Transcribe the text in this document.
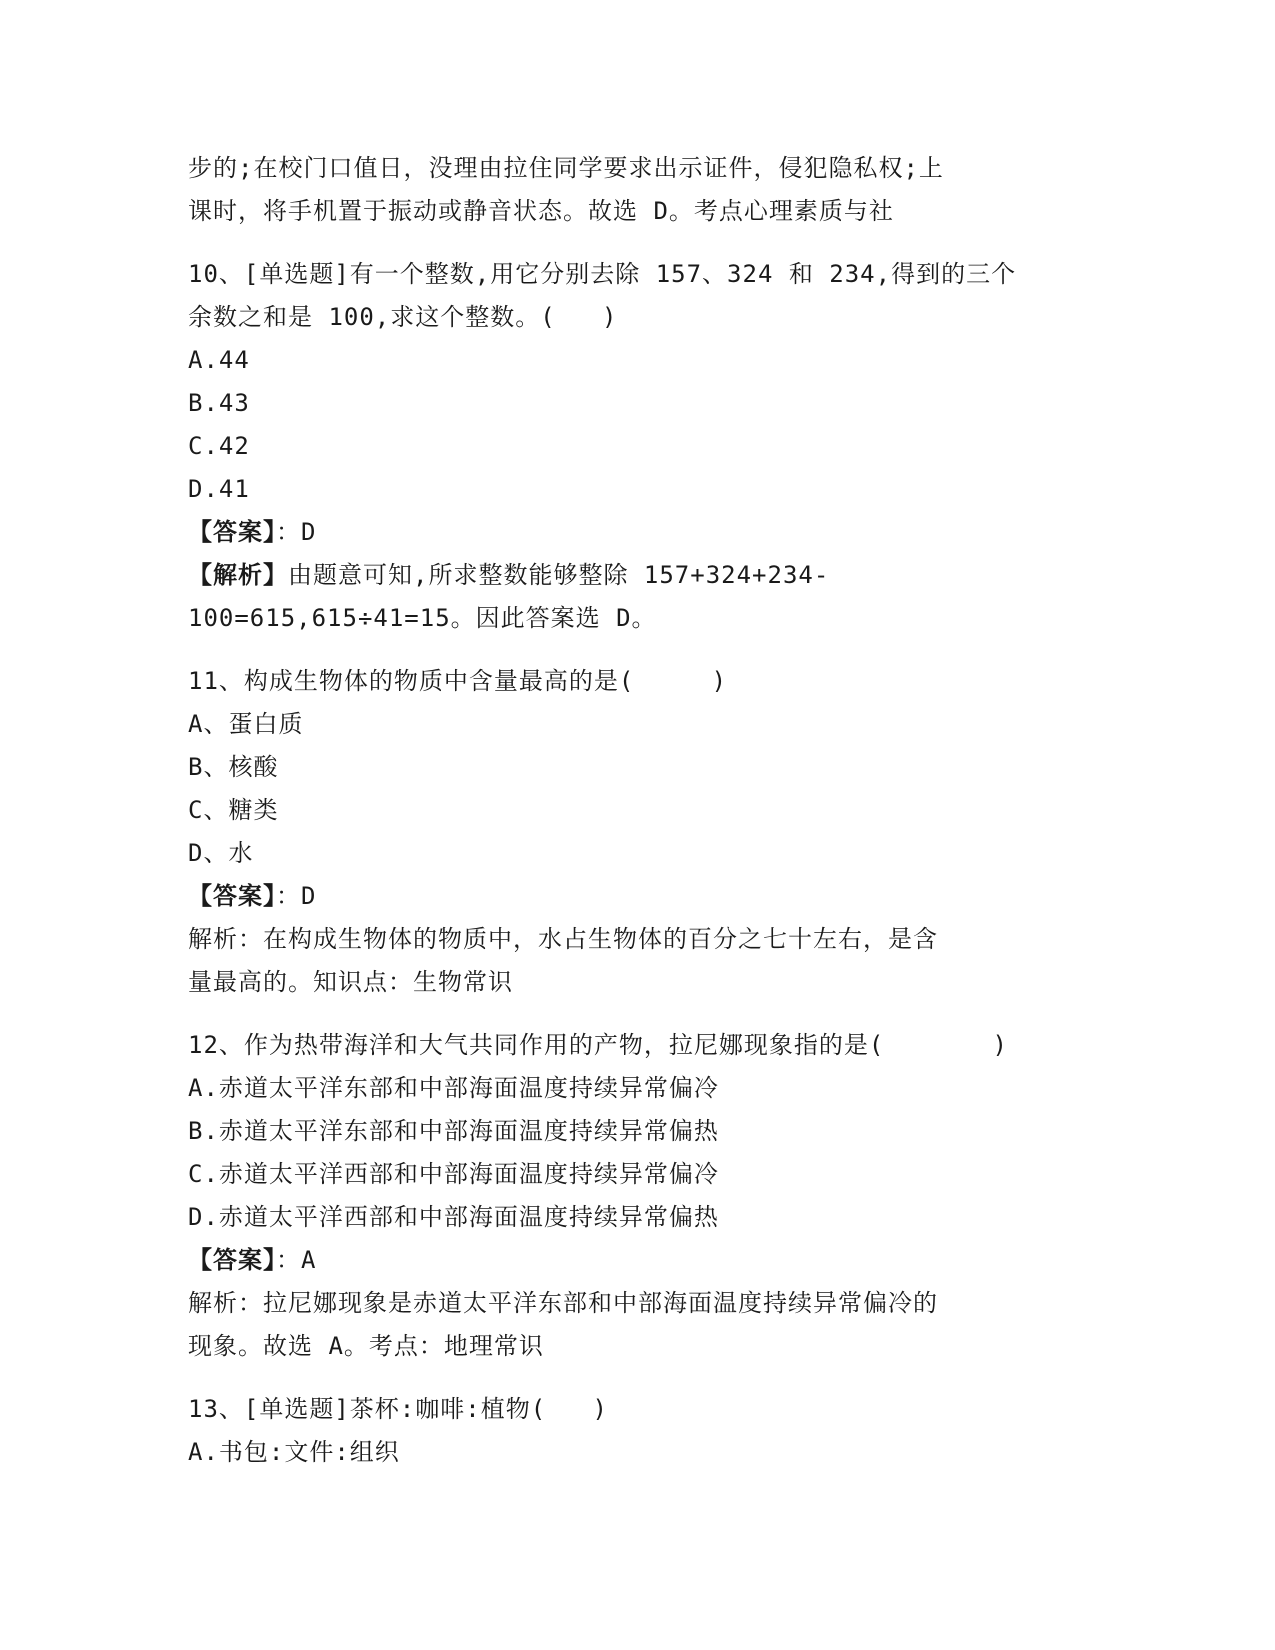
步的;在校门口值日，没理由拉住同学要求出示证件，侵犯隐私权;上

课时，将手机置于振动或静音状态。故选 D。考点心理素质与社

10、[单选题]有一个整数,用它分别去除 157、324 和 234,得到的三个

余数之和是 100,求这个整数。(   )

A.44

B.43

C.42

D.41

【答案】：D

【解析】由题意可知,所求整数能够整除 157+324+234-

100=615,615÷41=15。因此答案选 D。

11、构成生物体的物质中含量最高的是(     )

A、蛋白质

B、核酸

C、糖类

D、水

【答案】：D

解析：在构成生物体的物质中，水占生物体的百分之七十左右，是含

量最高的。知识点：生物常识

12、作为热带海洋和大气共同作用的产物，拉尼娜现象指的是(       )

A.赤道太平洋东部和中部海面温度持续异常偏冷

B.赤道太平洋东部和中部海面温度持续异常偏热

C.赤道太平洋西部和中部海面温度持续异常偏冷

D.赤道太平洋西部和中部海面温度持续异常偏热

【答案】：A

解析：拉尼娜现象是赤道太平洋东部和中部海面温度持续异常偏冷的

现象。故选 A。考点：地理常识

13、[单选题]茶杯:咖啡:植物(   )

A.书包:文件:组织
